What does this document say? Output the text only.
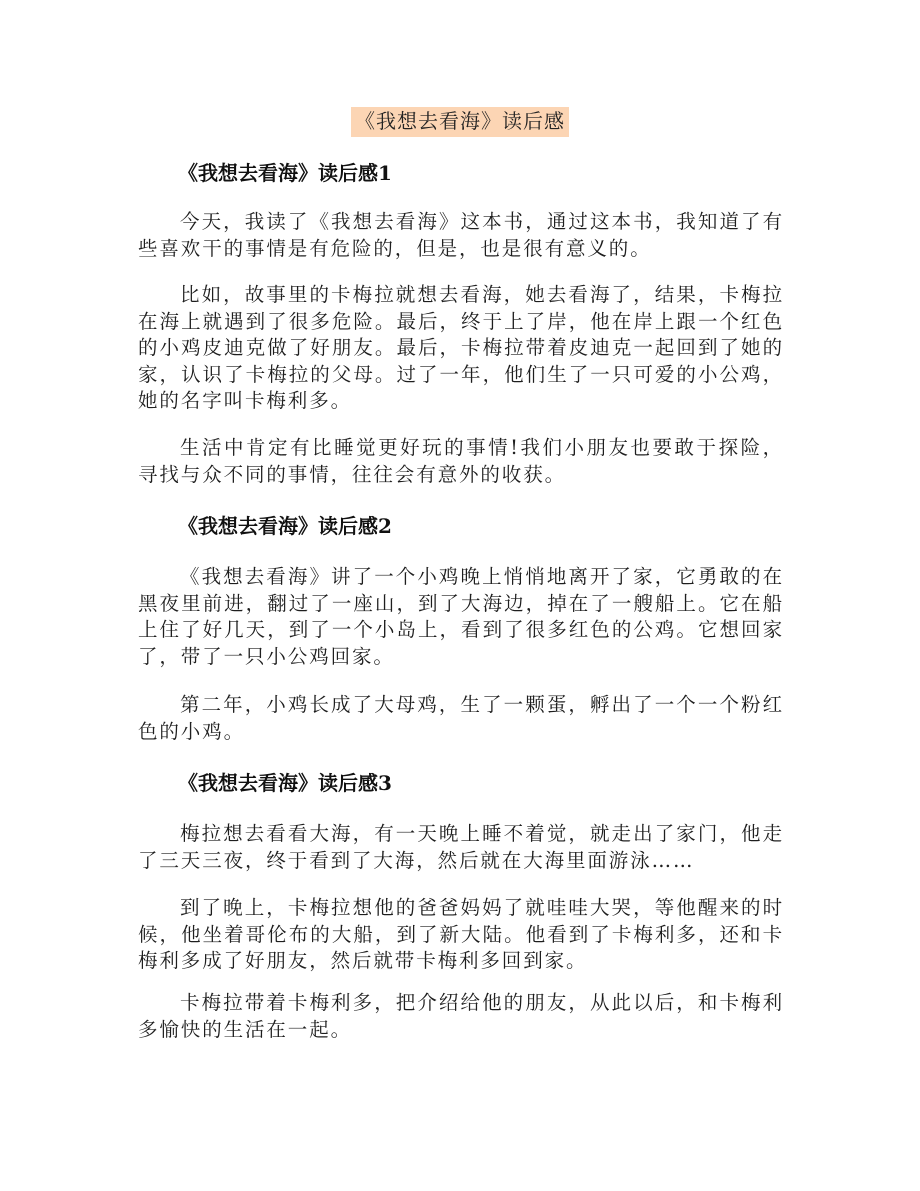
《我想去看海》读后感
《我想去看海》读后感1

今天，我读了《我想去看海》这本书，通过这本书，我知道了有些喜欢干的事情是有危险的，但是，也是很有意义的。

比如，故事里的卡梅拉就想去看海，她去看海了，结果，卡梅拉在海上就遇到了很多危险。最后，终于上了岸，他在岸上跟一个红色的小鸡皮迪克做了好朋友。最后，卡梅拉带着皮迪克一起回到了她的家，认识了卡梅拉的父母。过了一年，他们生了一只可爱的小公鸡，她的名字叫卡梅利多。

生活中肯定有比睡觉更好玩的事情!我们小朋友也要敢于探险，寻找与众不同的事情，往往会有意外的收获。

《我想去看海》读后感2

《我想去看海》讲了一个小鸡晚上悄悄地离开了家，它勇敢的在黑夜里前进，翻过了一座山，到了大海边，掉在了一艘船上。它在船上住了好几天，到了一个小岛上，看到了很多红色的公鸡。它想回家了，带了一只小公鸡回家。

第二年，小鸡长成了大母鸡，生了一颗蛋，孵出了一个一个粉红色的小鸡。

《我想去看海》读后感3

梅拉想去看看大海，有一天晚上睡不着觉，就走出了家门，他走了三天三夜，终于看到了大海，然后就在大海里面游泳……

到了晚上，卡梅拉想他的爸爸妈妈了就哇哇大哭，等他醒来的时候，他坐着哥伦布的大船，到了新大陆。他看到了卡梅利多，还和卡梅利多成了好朋友，然后就带卡梅利多回到家。

卡梅拉带着卡梅利多，把介绍给他的朋友，从此以后，和卡梅利多愉快的生活在一起。
